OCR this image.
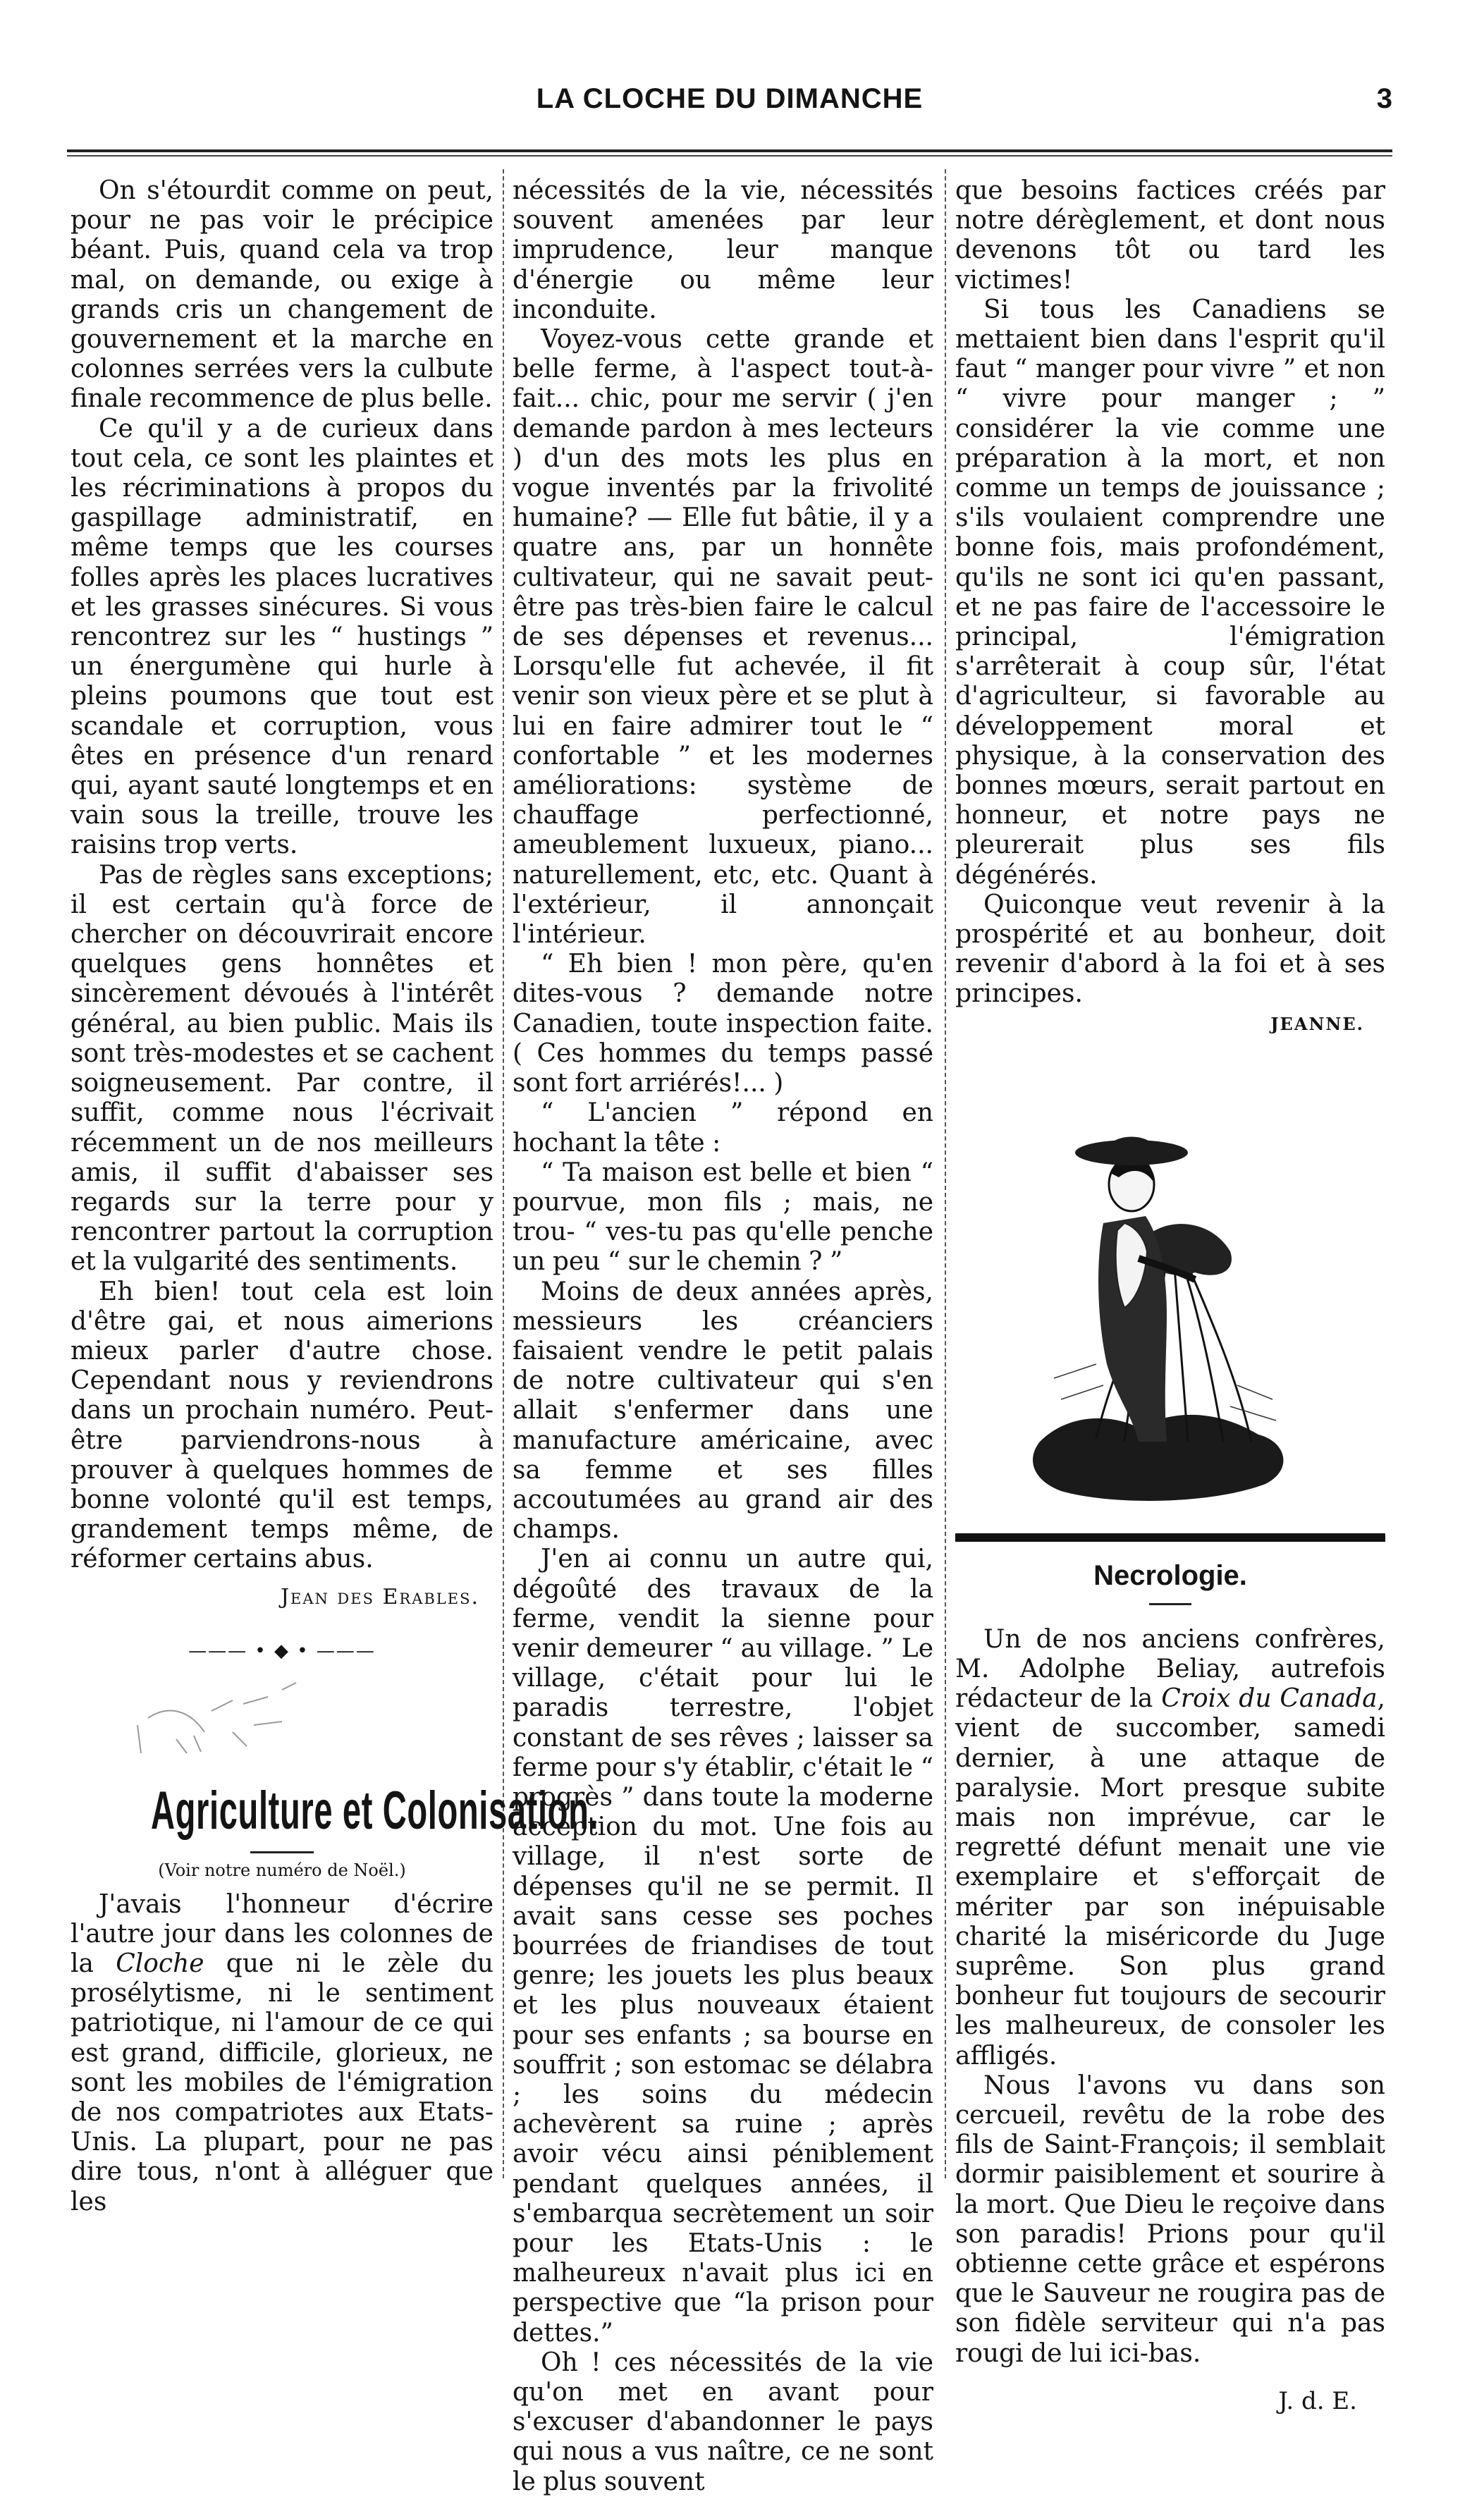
LA CLOCHE DU DIMANCHE	3

On s'étourdit comme on peut, pour ne pas voir le précipice béant. Puis, quand cela va trop mal, on demande, ou exige à grands cris un changement de gouvernement et la marche en colonnes serrées vers la culbute finale recommence de plus belle.

Ce qu'il y a de curieux dans tout cela, ce sont les plaintes et les récriminations à propos du gaspillage administratif, en même temps que les courses folles après les places lucratives et les grasses sinécures. Si vous rencontrez sur les “ hustings ” un énergumène qui hurle à pleins poumons que tout est scandale et corruption, vous êtes en présence d'un renard qui, ayant sauté longtemps et en vain sous la treille, trouve les raisins trop verts.

Pas de règles sans exceptions; il est certain qu'à force de chercher on découvrirait encore quelques gens honnêtes et sincèrement dévoués à l'intérêt général, au bien public. Mais ils sont très-modestes et se cachent soigneusement. Par contre, il suffit, comme nous l'écrivait récemment un de nos meilleurs amis, il suffit d'abaisser ses regards sur la terre pour y rencontrer partout la corruption et la vulgarité des sentiments.

Eh bien! tout cela est loin d'être gai, et nous aimerions mieux parler d'autre chose. Cependant nous y reviendrons dans un prochain numéro. Peut-être parviendrons-nous à prouver à quelques hommes de bonne volonté qu'il est temps, grandement temps même, de réformer certains abus.

Jean des Erables.
——— • ◆ • ———
Agriculture et Colonisation.
(Voir notre numéro de Noël.)

J'avais l'honneur d'écrire l'autre jour dans les colonnes de la Cloche que ni le zèle du prosélytisme, ni le sentiment patriotique, ni l'amour de ce qui est grand, difficile, glorieux, ne sont les mobiles de l'émigration de nos compatriotes aux Etats-Unis. La plupart, pour ne pas dire tous, n'ont à alléguer que les

nécessités de la vie, nécessités souvent amenées par leur imprudence, leur manque d'énergie ou même leur inconduite.

Voyez-vous cette grande et belle ferme, à l'aspect tout-à-fait... chic, pour me servir ( j'en demande pardon à mes lecteurs ) d'un des mots les plus en vogue inventés par la frivolité humaine? — Elle fut bâtie, il y a quatre ans, par un honnête cultivateur, qui ne savait peut-être pas très-bien faire le calcul de ses dépenses et revenus... Lorsqu'elle fut achevée, il fit venir son vieux père et se plut à lui en faire admirer tout le “ confortable ” et les modernes améliorations: système de chauffage perfectionné, ameublement luxueux, piano... naturellement, etc, etc. Quant à l'extérieur, il annonçait l'intérieur.

“ Eh bien ! mon père, qu'en dites-vous ? demande notre Canadien, toute inspection faite. ( Ces hommes du temps passé sont fort arriérés!... )

“ L'ancien ” répond en hochant la tête :

“ Ta maison est belle et bien “ pourvue, mon fils ; mais, ne trou- “ ves-tu pas qu'elle penche un peu “ sur le chemin ? ”

Moins de deux années après, messieurs les créanciers faisaient vendre le petit palais de notre cultivateur qui s'en allait s'enfermer dans une manufacture américaine, avec sa femme et ses filles accoutumées au grand air des champs.

J'en ai connu un autre qui, dégoûté des travaux de la ferme, vendit la sienne pour venir demeurer “ au village. ” Le village, c'était pour lui le paradis terrestre, l'objet constant de ses rêves ; laisser sa ferme pour s'y établir, c'était le “ progrès ” dans toute la moderne acception du mot. Une fois au village, il n'est sorte de dépenses qu'il ne se permit. Il avait sans cesse ses poches bourrées de friandises de tout genre; les jouets les plus beaux et les plus nouveaux étaient pour ses enfants ; sa bourse en souffrit ; son estomac se délabra ; les soins du médecin achevèrent sa ruine ; après avoir vécu ainsi péniblement pendant quelques années, il s'embarqua secrètement un soir pour les Etats-Unis : le malheureux n'avait plus ici en perspective que “la prison pour dettes.”

Oh ! ces nécessités de la vie qu'on met en avant pour s'excuser d'abandonner le pays qui nous a vus naître, ce ne sont le plus souvent

que besoins factices créés par notre dérèglement, et dont nous devenons tôt ou tard les victimes!

Si tous les Canadiens se mettaient bien dans l'esprit qu'il faut “ manger pour vivre ” et non “ vivre pour manger ; ” considérer la vie comme une préparation à la mort, et non comme un temps de jouissance ; s'ils voulaient comprendre une bonne fois, mais profondément, qu'ils ne sont ici qu'en passant, et ne pas faire de l'accessoire le principal, l'émigration s'arrêterait à coup sûr, l'état d'agriculteur, si favorable au développement moral et physique, à la conservation des bonnes mœurs, serait partout en honneur, et notre pays ne pleurerait plus ses fils dégénérés.

Quiconque veut revenir à la prospérité et au bonheur, doit revenir d'abord à la foi et à ses principes.

JEANNE.
Necrologie.

Un de nos anciens confrères, M. Adolphe Beliay, autrefois rédacteur de la Croix du Canada, vient de succomber, samedi dernier, à une attaque de paralysie. Mort presque subite mais non imprévue, car le regretté défunt menait une vie exemplaire et s'efforçait de mériter par son inépuisable charité la miséricorde du Juge suprême. Son plus grand bonheur fut toujours de secourir les malheureux, de consoler les affligés.

Nous l'avons vu dans son cercueil, revêtu de la robe des fils de Saint-François; il semblait dormir paisiblement et sourire à la mort. Que Dieu le reçoive dans son paradis! Prions pour qu'il obtienne cette grâce et espérons que le Sauveur ne rougira pas de son fidèle serviteur qui n'a pas rougi de lui ici-bas.

J. d. E.
